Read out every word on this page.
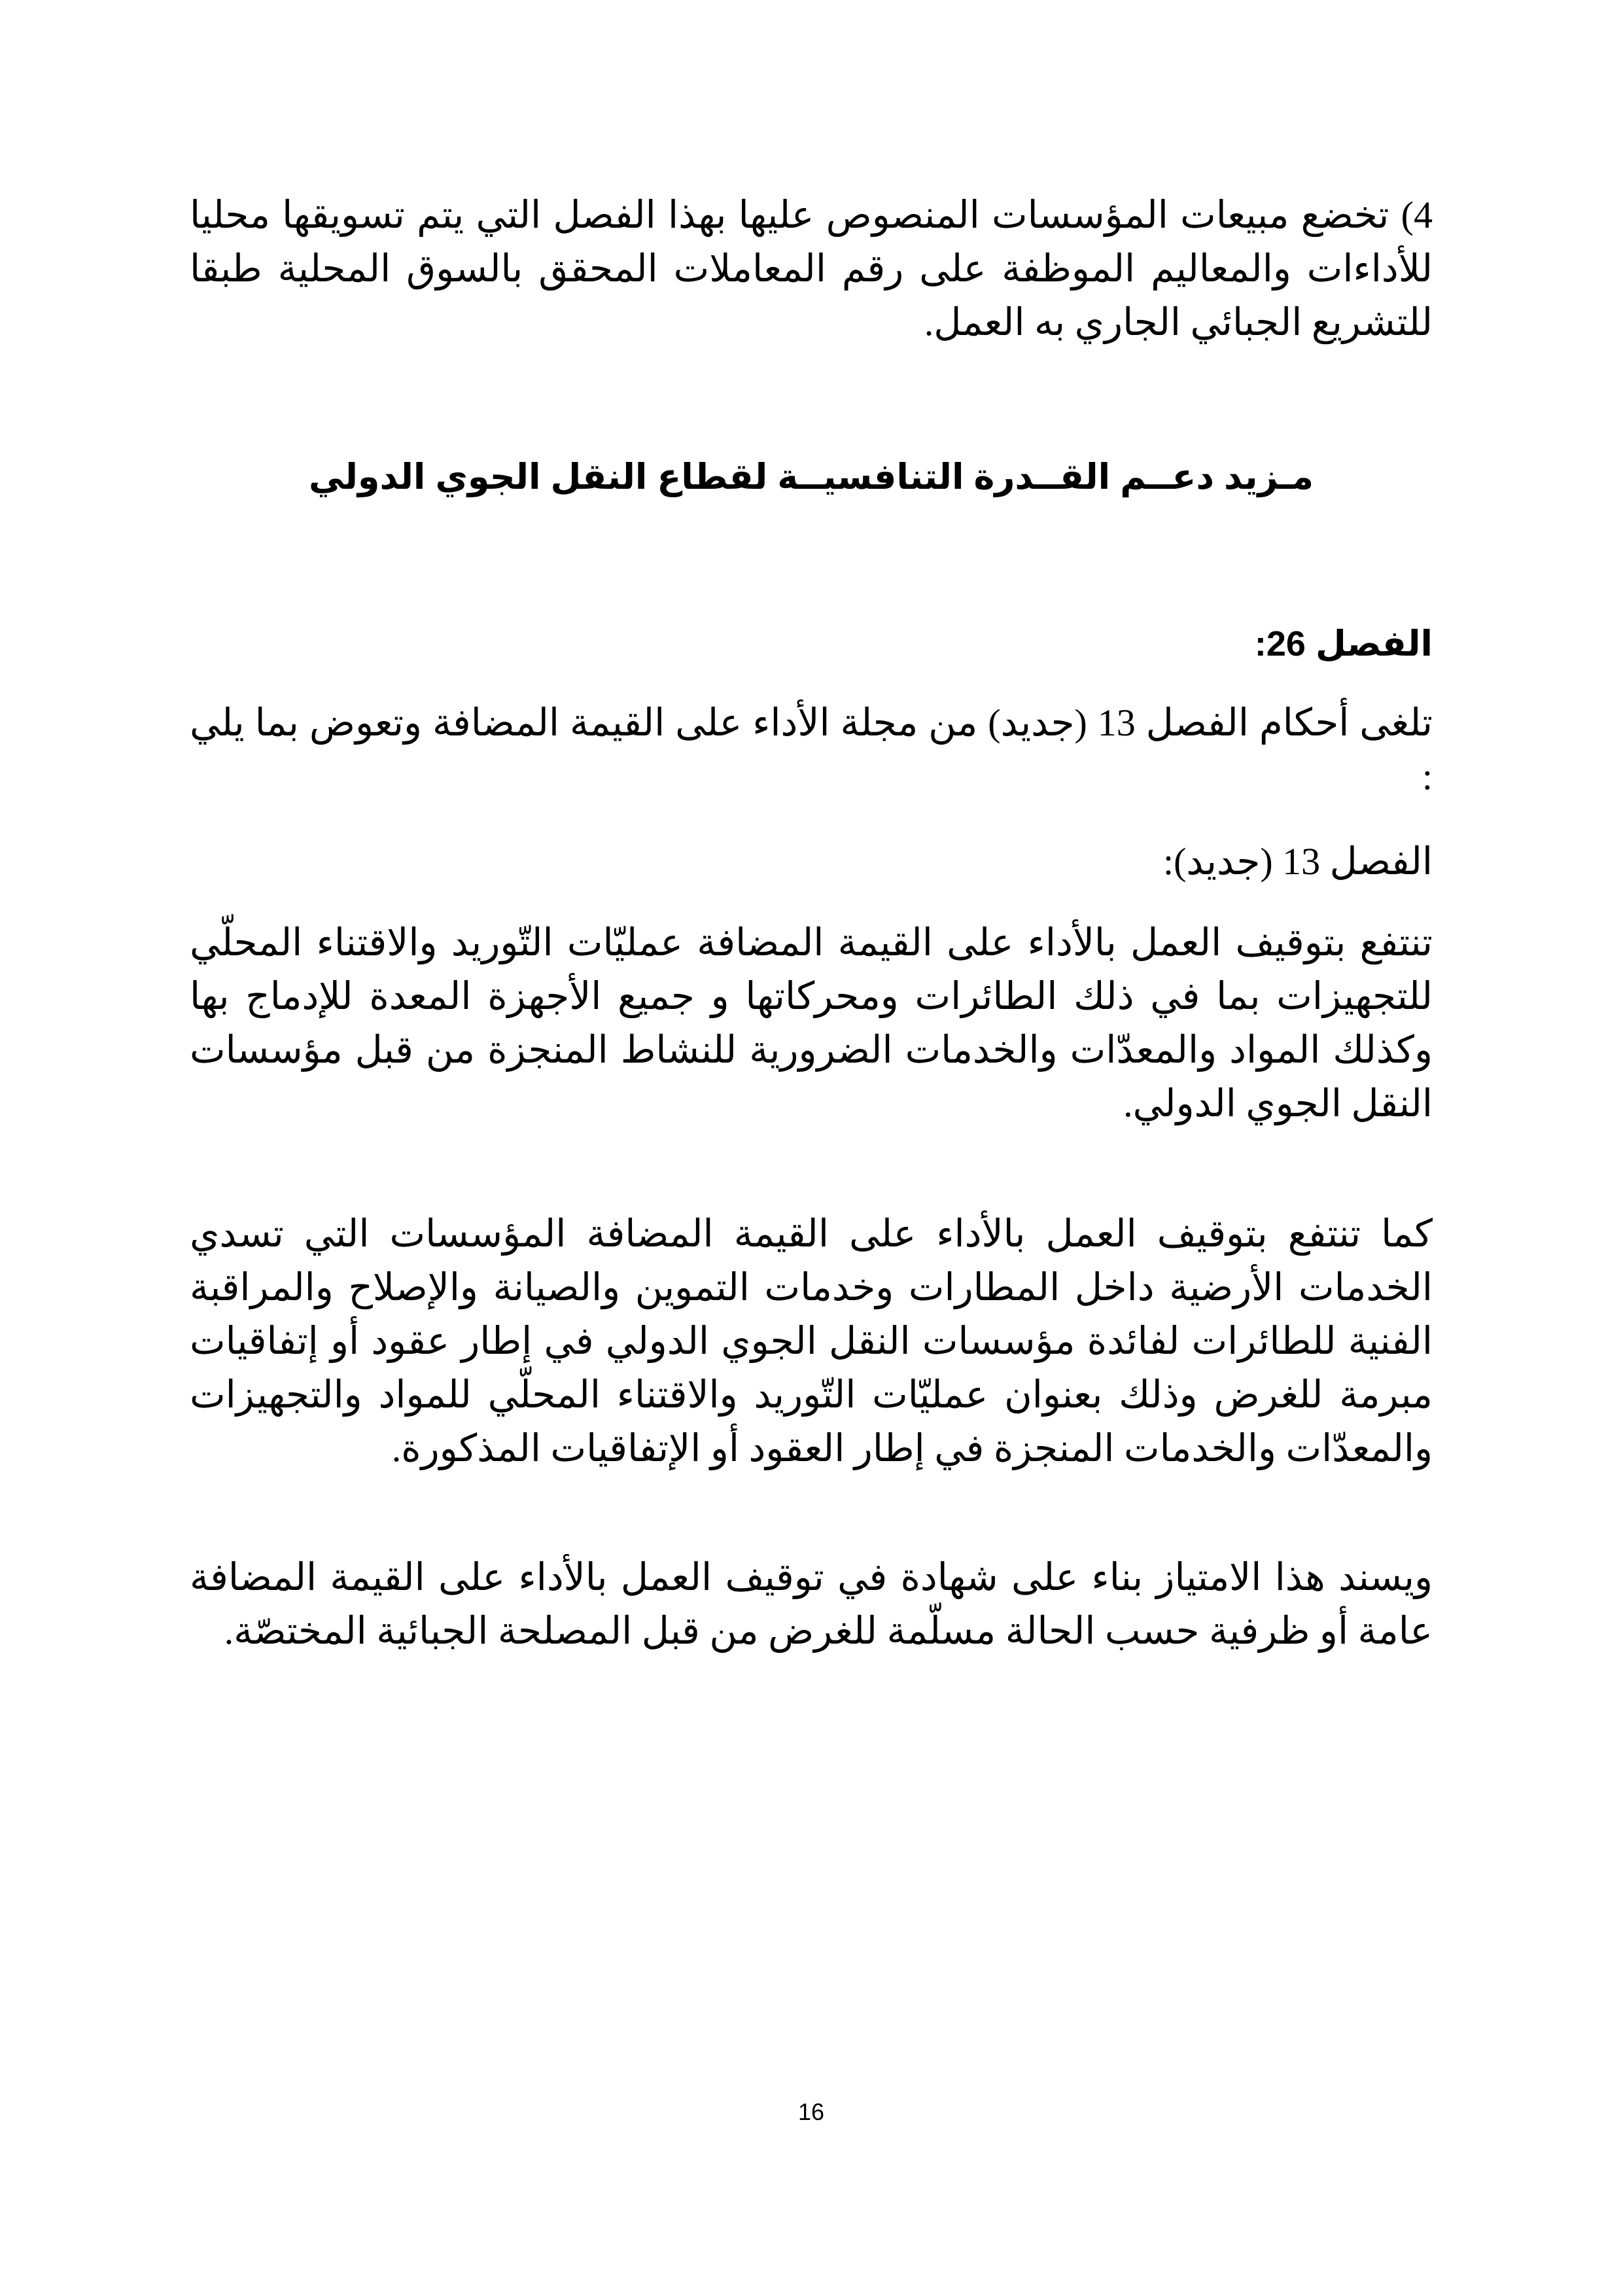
4) تخضع مبيعات المؤسسات المنصوص عليها بهذا الفصل التي يتم تسويقها محليا للأداءات والمعاليم الموظفة على رقم المعاملات المحقق بالسوق المحلية طبقا للتشريع الجبائي الجاري به العمل.
مـزيد دعــم القــدرة التنافسيــة لقطاع النقل الجوي الدولي
الفصل 26:
تلغى أحكام الفصل 13 (جديد) من مجلة الأداء على القيمة المضافة وتعوض بما يلي :
الفصل 13 (جديد):
تنتفع بتوقيف العمل بالأداء على القيمة المضافة عمليّات التّوريد والاقتناء المحلّي للتجهيزات بما في ذلك الطائرات ومحركاتها و جميع الأجهزة المعدة للإدماج بها وكذلك المواد والمعدّات والخدمات الضرورية للنشاط المنجزة من قبل مؤسسات النقل الجوي الدولي.
كما تنتفع بتوقيف العمل بالأداء على القيمة المضافة المؤسسات التي تسدي الخدمات الأرضية داخل المطارات وخدمات التموين والصيانة والإصلاح والمراقبة الفنية للطائرات لفائدة مؤسسات النقل الجوي الدولي في إطار عقود أو إتفاقيات مبرمة للغرض وذلك بعنوان عمليّات التّوريد والاقتناء المحلّي للمواد والتجهيزات والمعدّات والخدمات المنجزة في إطار العقود أو الإتفاقيات المذكورة.
ويسند هذا الامتياز بناء على شهادة في توقيف العمل بالأداء على القيمة المضافة عامة أو ظرفية حسب الحالة مسلّمة للغرض من قبل المصلحة الجبائية المختصّة.
16
